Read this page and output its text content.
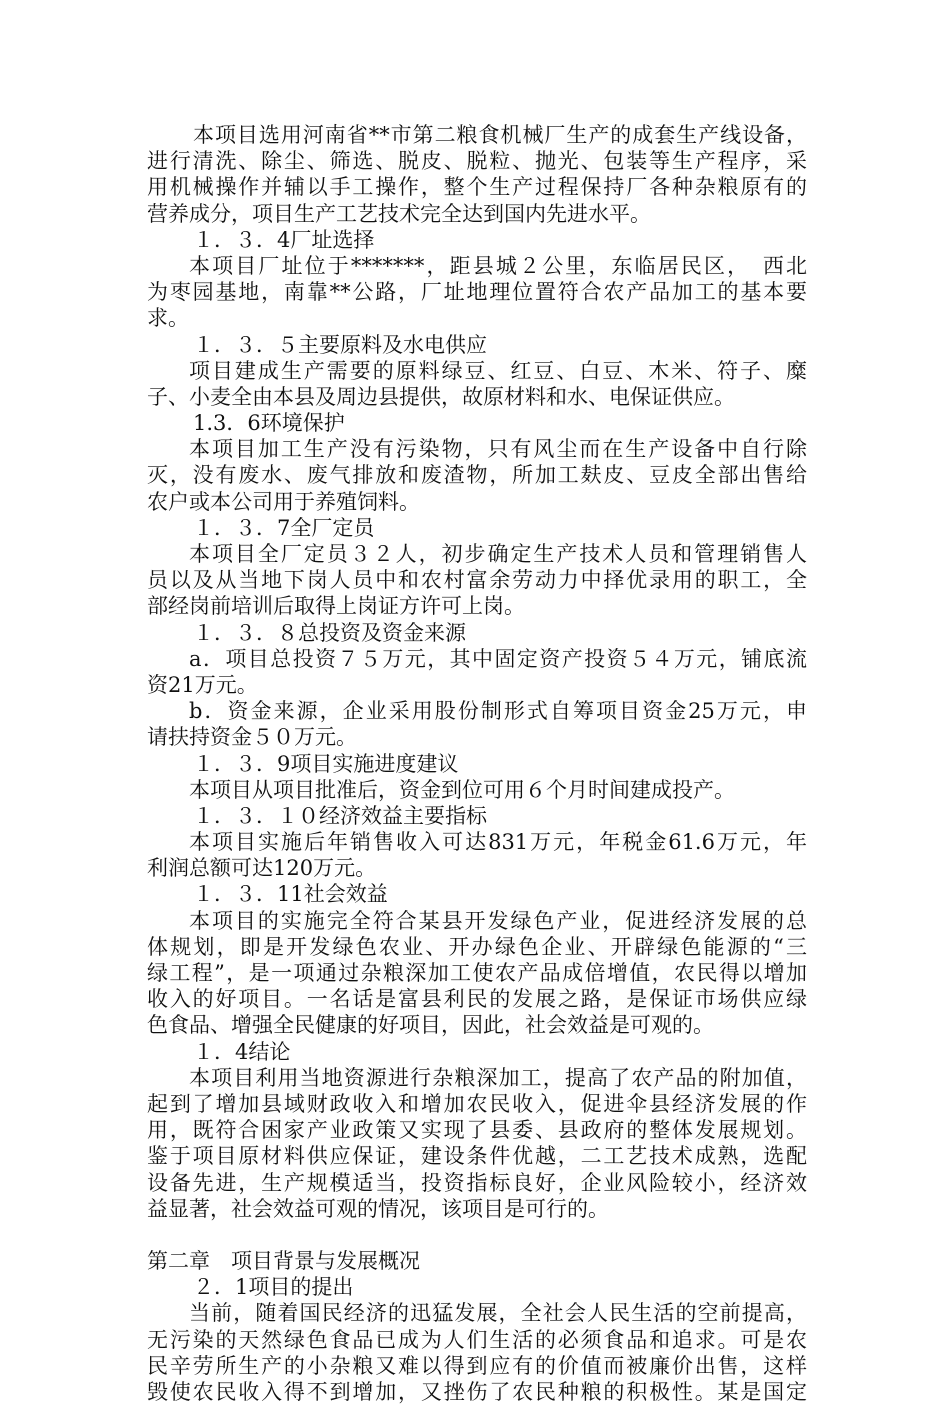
本项目选用河南省**市第二粮食机械厂生产的成套生产线设备，
进行清洗、除尘、筛选、脱皮、脱粒、抛光、包装等生产程序，采
用机械操作并辅以手工操作，整个生产过程保持厂各种杂粮原有的
营养成分，项目生产工艺技术完全达到国内先进水平。
１．３．4厂址选择
本项目厂址位于*******，距县城２公里，东临居民区，　西北
为枣园基地，南靠**公路，厂址地理位置符合农产品加工的基本要
求。
１．３．５主要原料及水电供应
项目建成生产需要的原料绿豆、红豆、白豆、木米、符子、糜
子、小麦全由本县及周边县提供，故原材料和水、电保证供应。
1.3．6环境保护
本项目加工生产没有污染物，只有风尘而在生产设备中自行除
灭，没有废水、废气排放和废渣物，所加工麸皮、豆皮全部出售给
农户或本公司用于养殖饲料。
１．３．7全厂定员
本项目全厂定员３２人，初步确定生产技术人员和管理销售人
员以及从当地下岗人员中和农村富余劳动力中择优录用的职工，全
部经岗前培训后取得上岗证方许可上岗。
１．３．８总投资及资金来源
a．项目总投资７５万元，其中固定资产投资５４万元，铺底流
资21万元。
b．资金来源，企业采用股份制形式自筹项目资金25万元，申
请扶持资金５０万元。
１．３．9项目实施进度建议
本项目从项目批准后，资金到位可用６个月时间建成投产。
１．３．１０经济效益主要指标
本项目实施后年销售收入可达831万元，年税金61.6万元，年
利润总额可达120万元。
１．３．11社会效益
本项目的实施完全符合某县开发绿色产业，促进经济发展的总
体规划，即是开发绿色农业、开办绿色企业、开辟绿色能源的“三
绿工程”，是一项通过杂粮深加工使农产品成倍增值，农民得以增加
收入的好项目。一名话是富县利民的发展之路，是保证市场供应绿
色食品、增强全民健康的好项目，因此，社会效益是可观的。
１．4结论
本项目利用当地资源进行杂粮深加工，提高了农产品的附加值，
起到了增加县域财政收入和增加农民收入，促进伞县经济发展的作
用，既符合困家产业政策又实现了县委、县政府的整体发展规划。
鉴于项目原材料供应保证，建设条件优越，二工艺技术成熟，选配
设备先进，生产规模适当，投资指标良好，企业风险较小，经济效
益显著，社会效益可观的情况，该项目是可行的。
第二章　项目背景与发展概况
２．1项目的提出
当前，随着国民经济的迅猛发展，全社会人民生活的空前提高，
无污染的天然绿色食品已成为人们生活的必须食品和追求。可是农
民辛劳所生产的小杂粮又难以得到应有的价值而被廉价出售，这样
毁使农民收入得不到增加，又挫伤了农民种粮的积极性。某是国定
